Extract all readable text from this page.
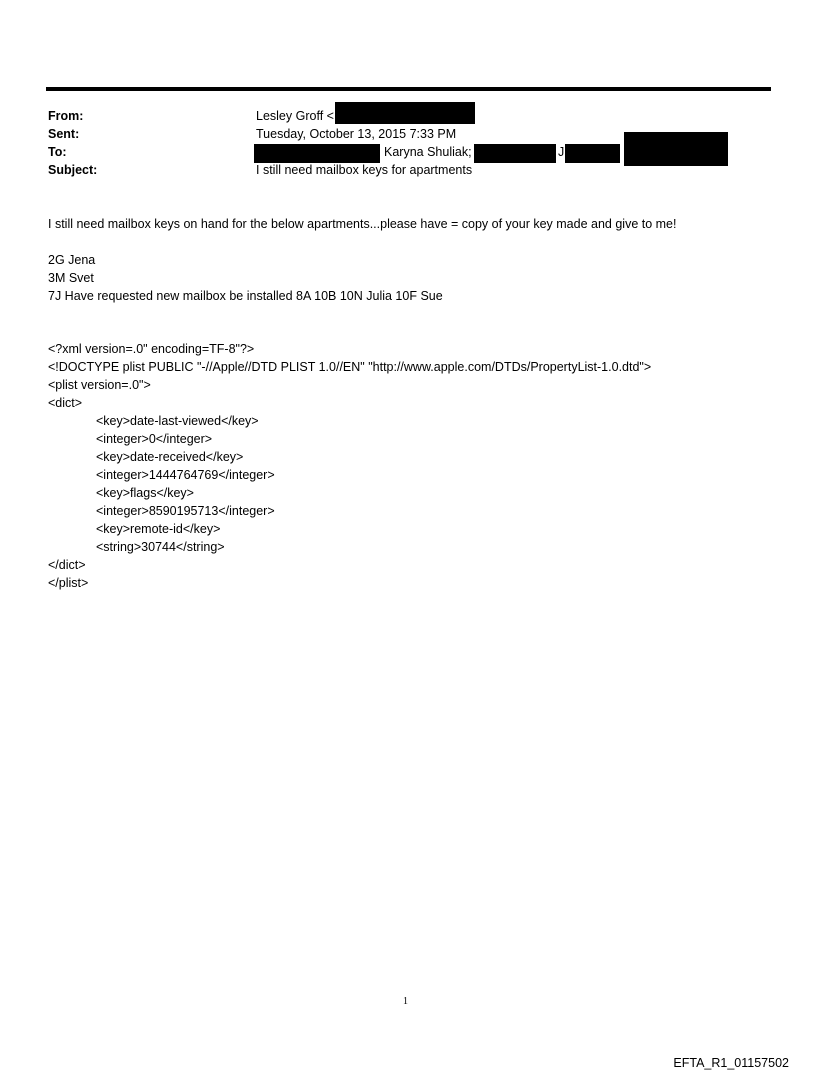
From:
Sent:
To:
Subject:
Lesley Groff <
Tuesday, October 13, 2015 7:33 PM
Karyna Shuliak;	J
I still need mailbox keys for apartments
I still need mailbox keys on hand for the below apartments...please have = copy of your key made and give to me!
2G Jena
3M Svet
7J Have requested new mailbox be installed 8A 10B 10N Julia 10F Sue
<?xml version=.0" encoding=TF-8"?>
<!DOCTYPE plist PUBLIC "-//Apple//DTD PLIST 1.0//EN" "http://www.apple.com/DTDs/PropertyList-1.0.dtd">
<plist version=.0">
<dict>
<key>date-last-viewed</key>
<integer>0</integer>
<key>date-received</key>
<integer>1444764769</integer>
<key>flags</key>
<integer>8590195713</integer>
<key>remote-id</key>
<string>30744</string>
</dict>
</plist>
1
EFTA_R1_01157502
